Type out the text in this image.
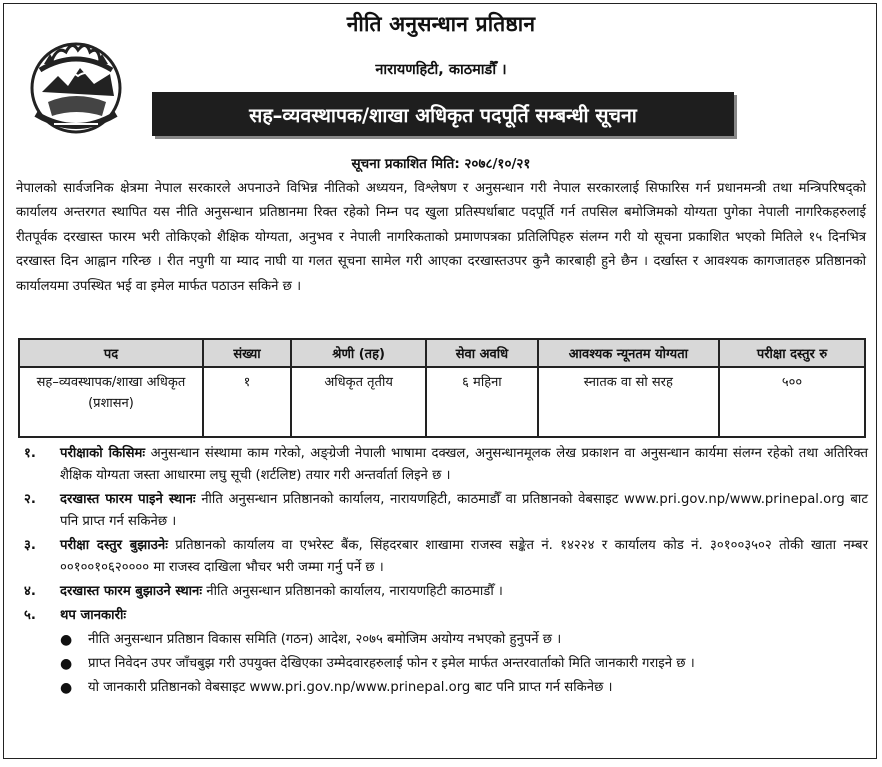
नीति अनुसन्धान प्रतिष्ठान
नारायणहिटी, काठमाडौँ ।
सह–व्यवस्थापक/शाखा अधिकृत पदपूर्ति सम्बन्धी सूचना
सूचना प्रकाशित मिति: २०७८/१०/२१
नेपालको सार्वजनिक क्षेत्रमा नेपाल सरकारले अपनाउने विभिन्न नीतिको अध्ययन, विश्लेषण र अनुसन्धान गरी नेपाल सरकारलाई सिफारिस गर्न प्रधानमन्त्री तथा मन्त्रिपरिषद्को कार्यालय अन्तरगत स्थापित यस नीति अनुसन्धान प्रतिष्ठानमा रिक्त रहेको निम्न पद खुला प्रतिस्पर्धाबाट पदपूर्ति गर्न तपसिल बमोजिमको योग्यता पुगेका नेपाली नागरिकहरुलाई रीतपूर्वक दरखास्त फारम भरी तोकिएको शैक्षिक योग्यता, अनुभव र नेपाली नागरिकताको प्रमाणपत्रका प्रतिलिपिहरु संलग्न गरी यो सूचना प्रकाशित भएको मितिले १५ दिनभित्र दरखास्त दिन आह्वान गरिन्छ । रीत नपुगी या म्याद नाघी या गलत सूचना सामेल गरी आएका दरखास्तउपर कुनै कारबाही हुने छैन । दर्खास्त र आवश्यक कागजातहरु प्रतिष्ठानको कार्यालयमा उपस्थित भई वा इमेल मार्फत पठाउन सकिने छ ।
पद	संख्या	श्रेणी (तह)	सेवा अवधि	आवश्यक न्यूनतम योग्यता	परीक्षा दस्तुर रु
सह–व्यवस्थापक/शाखा अधिकृत (प्रशासन)	१	अधिकृत तृतीय	६ महिना	स्नातक वा सो सरह	५००
१.	परीक्षाको किसिमः अनुसन्धान संस्थामा काम गरेको, अङ्ग्रेजी नेपाली भाषामा दक्खल, अनुसन्धानमूलक लेख प्रकाशन वा अनुसन्धान कार्यमा संलग्न रहेको तथा अतिरिक्त शैक्षिक योग्यता जस्ता आधारमा लघु सूची (शर्टलिष्ट) तयार गरी अन्तर्वार्ता लिइने छ ।
२.	दरखास्त फारम पाइने स्थानः नीति अनुसन्धान प्रतिष्ठानको कार्यालय, नारायणहिटी, काठमाडौँ वा प्रतिष्ठानको वेबसाइट www.pri.gov.np/www.prinepal.org बाट पनि प्राप्त गर्न सकिनेछ ।
३.	परीक्षा दस्तुर बुझाउनेः प्रतिष्ठानको कार्यालय वा एभरेस्ट बैंक, सिंहदरबार शाखामा राजस्व सङ्केत नं. १४२२४ र कार्यालय कोड नं. ३०१००३५०२ तोकी खाता नम्बर ००१००१०६२०००० मा राजस्व दाखिला भौचर भरी जम्मा गर्नु पर्ने छ ।
४.	दरखास्त फारम बुझाउने स्थानः नीति अनुसन्धान प्रतिष्ठानको कार्यालय, नारायणहिटी काठमाडौँ ।
५.	थप जानकारीः
●	नीति अनुसन्धान प्रतिष्ठान विकास समिति (गठन) आदेश, २०७५ बमोजिम अयोग्य नभएको हुनुपर्ने छ ।
●	प्राप्त निवेदन उपर जाँचबुझ गरी उपयुक्त देखिएका उम्मेदवारहरुलाई फोन र इमेल मार्फत अन्तरवार्ताको मिति जानकारी गराइने छ ।
●	यो जानकारी प्रतिष्ठानको वेबसाइट www.pri.gov.np/www.prinepal.org बाट पनि प्राप्त गर्न सकिनेछ ।
